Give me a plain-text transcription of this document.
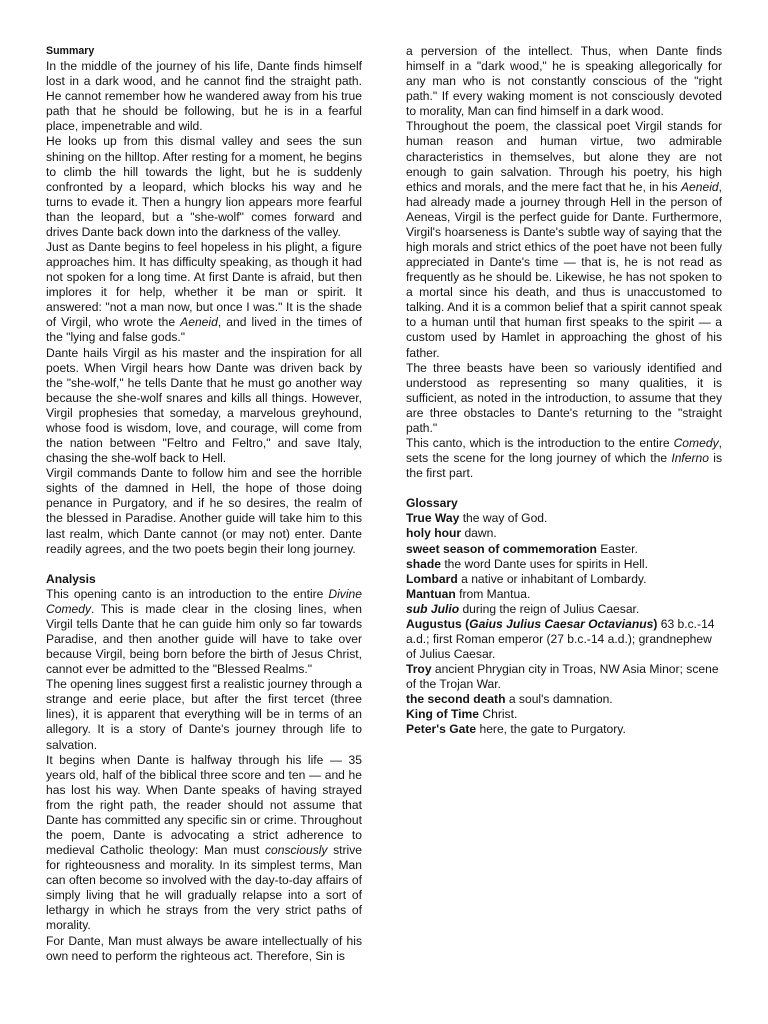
Summary

In the middle of the journey of his life, Dante finds himself lost in a dark wood, and he cannot find the straight path. He cannot remember how he wandered away from his true path that he should be following, but he is in a fearful place, impenetrable and wild.

He looks up from this dismal valley and sees the sun shining on the hilltop. After resting for a moment, he begins to climb the hill towards the light, but he is suddenly confronted by a leopard, which blocks his way and he turns to evade it. Then a hungry lion appears more fearful than the leopard, but a "she-wolf" comes forward and drives Dante back down into the darkness of the valley.

Just as Dante begins to feel hopeless in his plight, a figure approaches him. It has difficulty speaking, as though it had not spoken for a long time. At first Dante is afraid, but then implores it for help, whether it be man or spirit. It answered: "not a man now, but once I was." It is the shade of Virgil, who wrote the Aeneid, and lived in the times of the "lying and false gods."

Dante hails Virgil as his master and the inspiration for all poets. When Virgil hears how Dante was driven back by the "she-wolf," he tells Dante that he must go another way because the she-wolf snares and kills all things. However, Virgil prophesies that someday, a marvelous greyhound, whose food is wisdom, love, and courage, will come from the nation between "Feltro and Feltro," and save Italy, chasing the she-wolf back to Hell.

Virgil commands Dante to follow him and see the horrible sights of the damned in Hell, the hope of those doing penance in Purgatory, and if he so desires, the realm of the blessed in Paradise. Another guide will take him to this last realm, which Dante cannot (or may not) enter. Dante readily agrees, and the two poets begin their long journey.

Analysis

This opening canto is an introduction to the entire Divine Comedy. This is made clear in the closing lines, when Virgil tells Dante that he can guide him only so far towards Paradise, and then another guide will have to take over because Virgil, being born before the birth of Jesus Christ, cannot ever be admitted to the "Blessed Realms."

The opening lines suggest first a realistic journey through a strange and eerie place, but after the first tercet (three lines), it is apparent that everything will be in terms of an allegory. It is a story of Dante's journey through life to salvation.

It begins when Dante is halfway through his life — 35 years old, half of the biblical three score and ten — and he has lost his way. When Dante speaks of having strayed from the right path, the reader should not assume that Dante has committed any specific sin or crime. Throughout the poem, Dante is advocating a strict adherence to medieval Catholic theology: Man must consciously strive for righteousness and morality. In its simplest terms, Man can often become so involved with the day-to-day affairs of simply living that he will gradually relapse into a sort of lethargy in which he strays from the very strict paths of morality.

For Dante, Man must always be aware intellectually of his own need to perform the righteous act. Therefore, Sin is

a perversion of the intellect. Thus, when Dante finds himself in a "dark wood," he is speaking allegorically for any man who is not constantly conscious of the "right path." If every waking moment is not consciously devoted to morality, Man can find himself in a dark wood.

Throughout the poem, the classical poet Virgil stands for human reason and human virtue, two admirable characteristics in themselves, but alone they are not enough to gain salvation. Through his poetry, his high ethics and morals, and the mere fact that he, in his Aeneid, had already made a journey through Hell in the person of Aeneas, Virgil is the perfect guide for Dante. Furthermore, Virgil's hoarseness is Dante's subtle way of saying that the high morals and strict ethics of the poet have not been fully appreciated in Dante's time — that is, he is not read as frequently as he should be. Likewise, he has not spoken to a mortal since his death, and thus is unaccustomed to talking. And it is a common belief that a spirit cannot speak to a human until that human first speaks to the spirit — a custom used by Hamlet in approaching the ghost of his father.

The three beasts have been so variously identified and understood as representing so many qualities, it is sufficient, as noted in the introduction, to assume that they are three obstacles to Dante's returning to the "straight path."

This canto, which is the introduction to the entire Comedy, sets the scene for the long journey of which the Inferno is the first part.

Glossary

True Way the way of God.

holy hour dawn.

sweet season of commemoration Easter.

shade the word Dante uses for spirits in Hell.

Lombard a native or inhabitant of Lombardy.

Mantuan from Mantua.

sub Julio during the reign of Julius Caesar.

Augustus (Gaius Julius Caesar Octavianus) 63 b.c.-14 a.d.; first Roman emperor (27 b.c.-14 a.d.); grandnephew of Julius Caesar.

Troy ancient Phrygian city in Troas, NW Asia Minor; scene of the Trojan War.

the second death a soul's damnation.

King of Time Christ.

Peter's Gate here, the gate to Purgatory.
